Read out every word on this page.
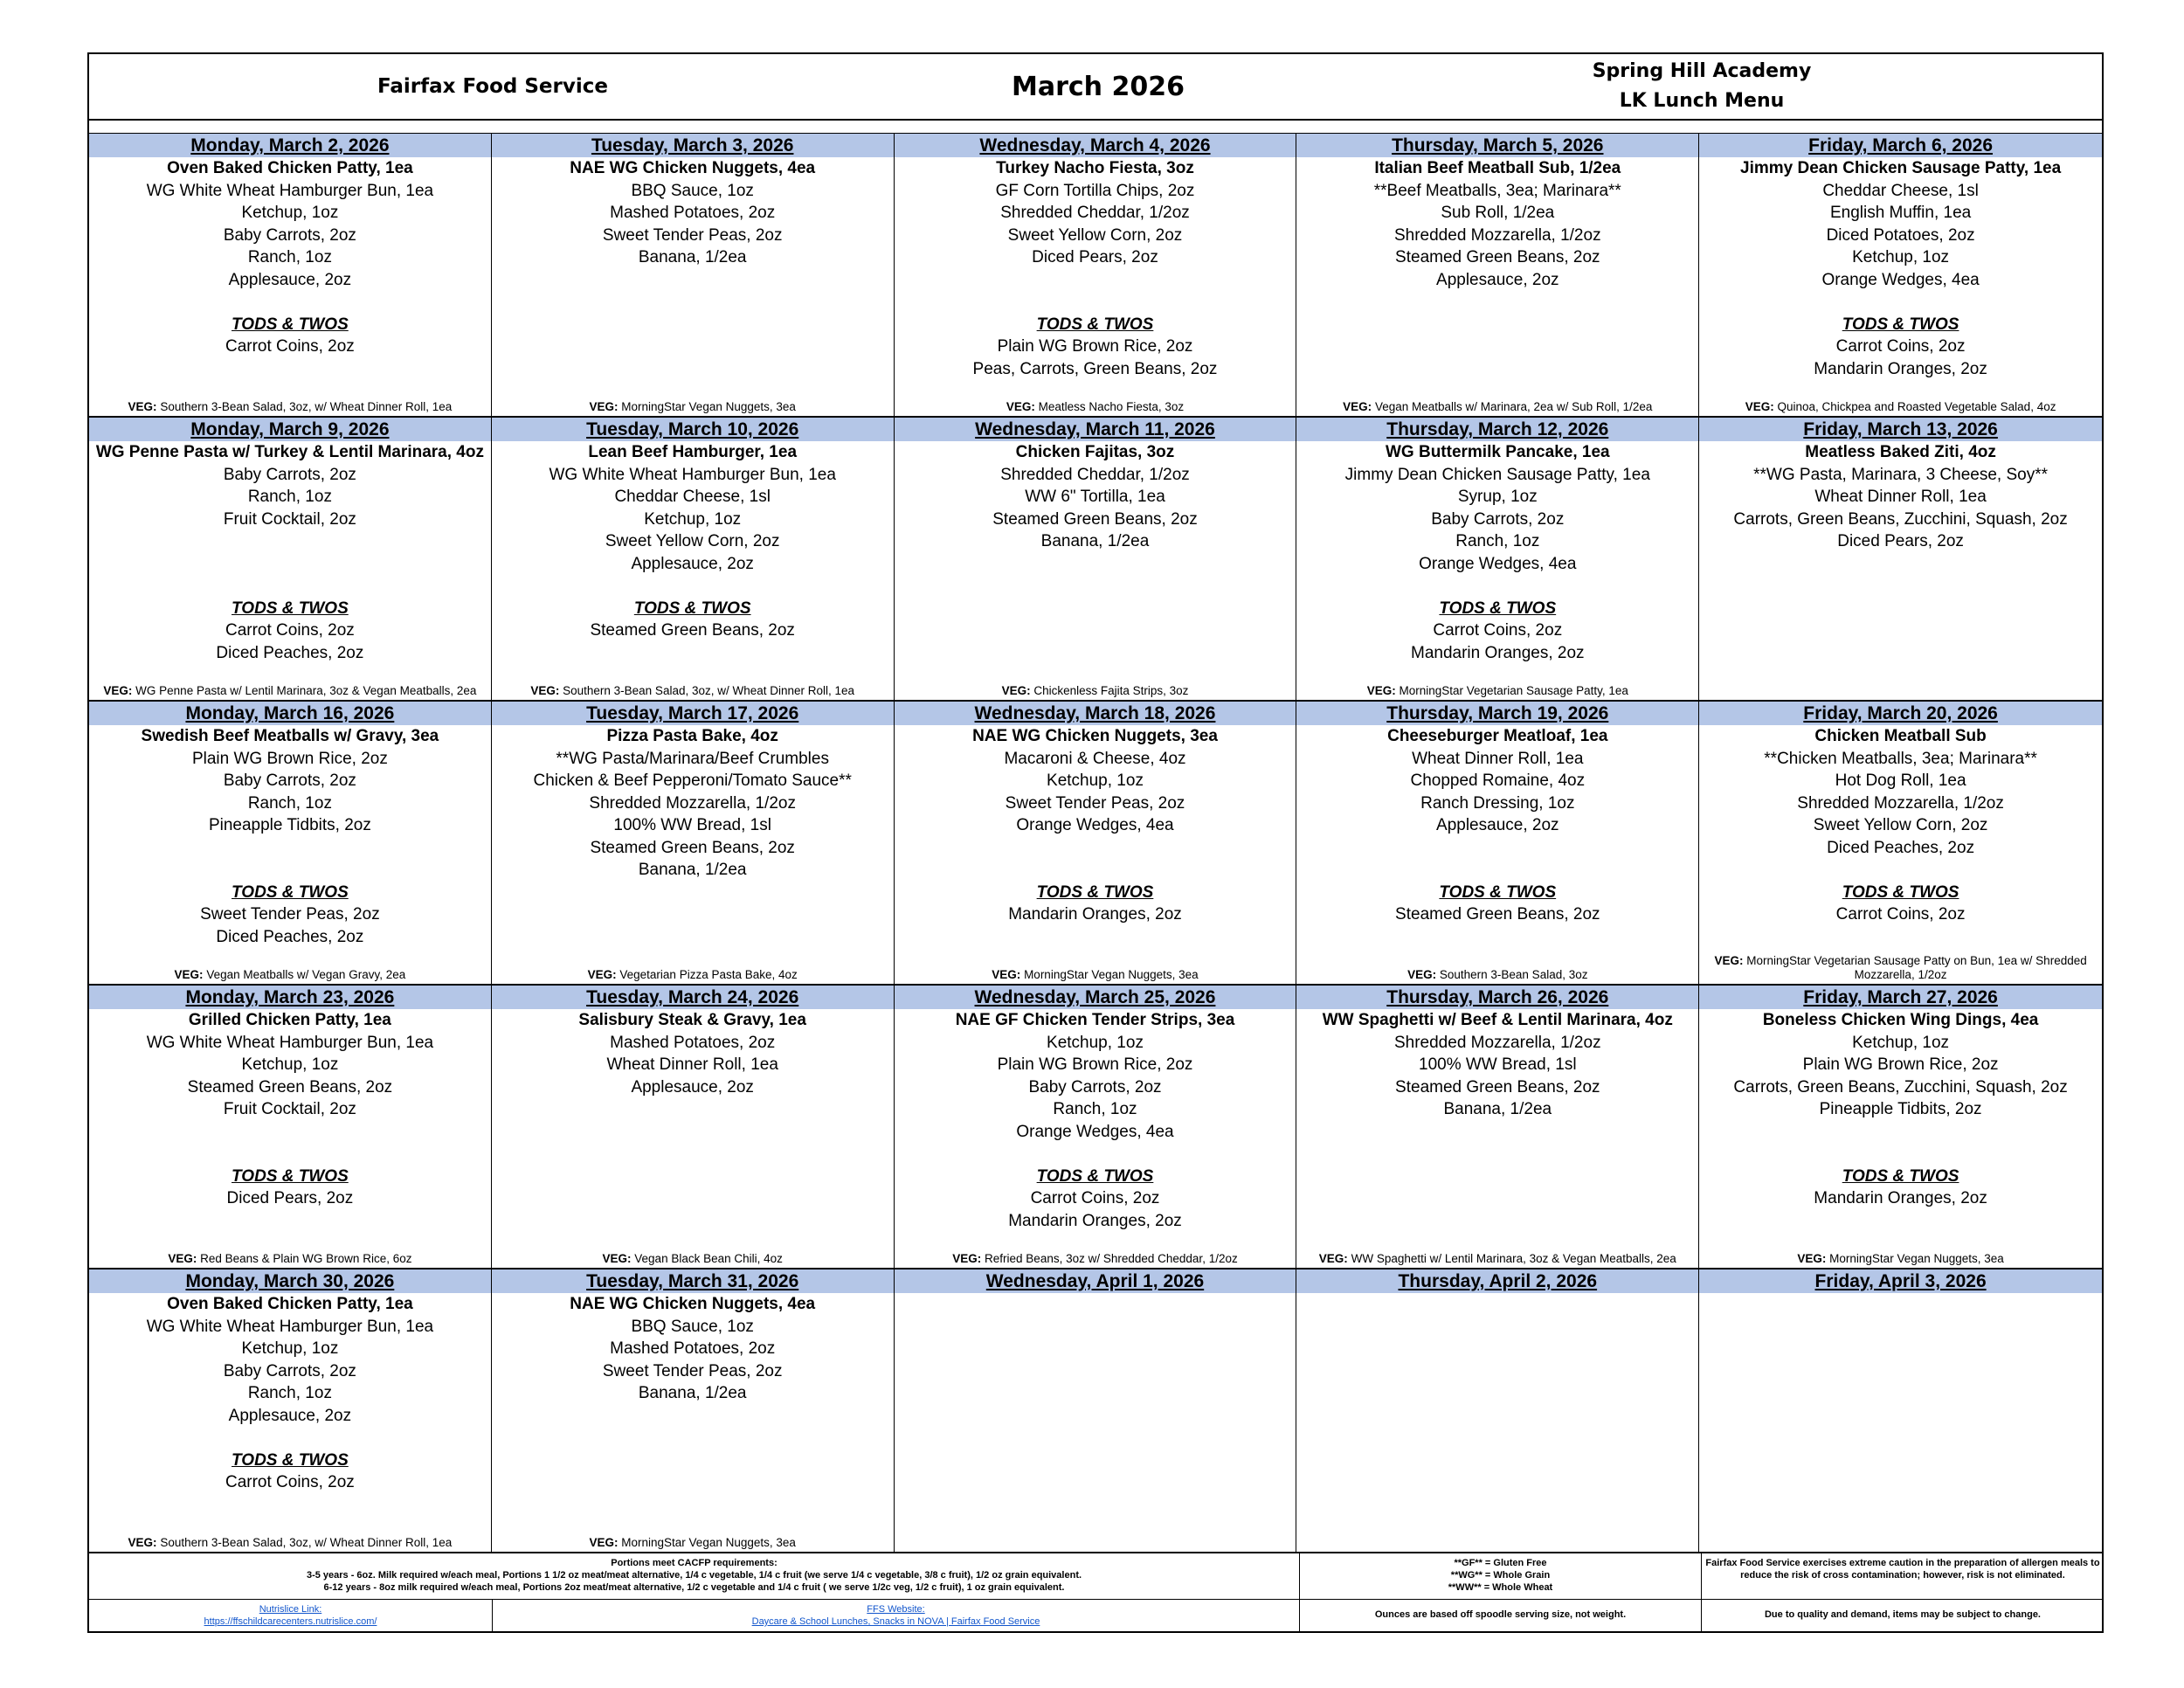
Fairfax Food Service	March 2026	Spring Hill Academy
LK Lunch Menu
Monday, March 2, 2026
Oven Baked Chicken Patty, 1ea
WG White Wheat Hamburger Bun, 1ea
Ketchup, 1oz
Baby Carrots, 2oz
Ranch, 1oz
Applesauce, 2oz
TODS & TWOS
Carrot Coins, 2oz
VEG: Southern 3-Bean Salad, 3oz, w/ Wheat Dinner Roll, 1ea
Tuesday, March 3, 2026
NAE WG Chicken Nuggets, 4ea
BBQ Sauce, 1oz
Mashed Potatoes, 2oz
Sweet Tender Peas, 2oz
Banana, 1/2ea
VEG: MorningStar Vegan Nuggets, 3ea
Wednesday, March 4, 2026
Turkey Nacho Fiesta, 3oz
GF Corn Tortilla Chips, 2oz
Shredded Cheddar, 1/2oz
Sweet Yellow Corn, 2oz
Diced Pears, 2oz
TODS & TWOS
Plain WG Brown Rice, 2oz
Peas, Carrots, Green Beans, 2oz
VEG: Meatless Nacho Fiesta, 3oz
Thursday, March 5, 2026
Italian Beef Meatball Sub, 1/2ea
**Beef Meatballs, 3ea; Marinara**
Sub Roll, 1/2ea
Shredded Mozzarella, 1/2oz
Steamed Green Beans, 2oz
Applesauce, 2oz
VEG: Vegan Meatballs w/ Marinara, 2ea w/ Sub Roll, 1/2ea
Friday, March 6, 2026
Jimmy Dean Chicken Sausage Patty, 1ea
Cheddar Cheese, 1sl
English Muffin, 1ea
Diced Potatoes, 2oz
Ketchup, 1oz
Orange Wedges, 4ea
TODS & TWOS
Carrot Coins, 2oz
Mandarin Oranges, 2oz
VEG: Quinoa, Chickpea and Roasted Vegetable Salad, 4oz
Monday, March 9, 2026
WG Penne Pasta w/ Turkey & Lentil Marinara, 4oz
Baby Carrots, 2oz
Ranch, 1oz
Fruit Cocktail, 2oz
TODS & TWOS
Carrot Coins, 2oz
Diced Peaches, 2oz
VEG: WG Penne Pasta w/ Lentil Marinara, 3oz & Vegan Meatballs, 2ea
Tuesday, March 10, 2026
Lean Beef Hamburger, 1ea
WG White Wheat Hamburger Bun, 1ea
Cheddar Cheese, 1sl
Ketchup, 1oz
Sweet Yellow Corn, 2oz
Applesauce, 2oz
TODS & TWOS
Steamed Green Beans, 2oz
VEG: Southern 3-Bean Salad, 3oz, w/ Wheat Dinner Roll, 1ea
Wednesday, March 11, 2026
Chicken Fajitas, 3oz
Shredded Cheddar, 1/2oz
WW 6" Tortilla, 1ea
Steamed Green Beans, 2oz
Banana, 1/2ea
VEG: Chickenless Fajita Strips, 3oz
Thursday, March 12, 2026
WG Buttermilk Pancake, 1ea
Jimmy Dean Chicken Sausage Patty, 1ea
Syrup, 1oz
Baby Carrots, 2oz
Ranch, 1oz
Orange Wedges, 4ea
TODS & TWOS
Carrot Coins, 2oz
Mandarin Oranges, 2oz
VEG: MorningStar Vegetarian Sausage Patty, 1ea
Friday, March 13, 2026
Meatless Baked Ziti, 4oz
**WG Pasta, Marinara, 3 Cheese, Soy**
Wheat Dinner Roll, 1ea
Carrots, Green Beans, Zucchini, Squash, 2oz
Diced Pears, 2oz
Monday, March 16, 2026
Swedish Beef Meatballs w/ Gravy, 3ea
Plain WG Brown Rice, 2oz
Baby Carrots, 2oz
Ranch, 1oz
Pineapple Tidbits, 2oz
TODS & TWOS
Sweet Tender Peas, 2oz
Diced Peaches, 2oz
VEG: Vegan Meatballs w/ Vegan Gravy, 2ea
Tuesday, March 17, 2026
Pizza Pasta Bake, 4oz
**WG Pasta/Marinara/Beef Crumbles
Chicken & Beef Pepperoni/Tomato Sauce**
Shredded Mozzarella, 1/2oz
100% WW Bread, 1sl
Steamed Green Beans, 2oz
Banana, 1/2ea
VEG: Vegetarian Pizza Pasta Bake, 4oz
Wednesday, March 18, 2026
NAE WG Chicken Nuggets, 3ea
Macaroni & Cheese, 4oz
Ketchup, 1oz
Sweet Tender Peas, 2oz
Orange Wedges, 4ea
TODS & TWOS
Mandarin Oranges, 2oz
VEG: MorningStar Vegan Nuggets, 3ea
Thursday, March 19, 2026
Cheeseburger Meatloaf, 1ea
Wheat Dinner Roll, 1ea
Chopped Romaine, 4oz
Ranch Dressing, 1oz
Applesauce, 2oz
TODS & TWOS
Steamed Green Beans, 2oz
VEG: Southern 3-Bean Salad, 3oz
Friday, March 20, 2026
Chicken Meatball Sub
**Chicken Meatballs, 3ea; Marinara**
Hot Dog Roll, 1ea
Shredded Mozzarella, 1/2oz
Sweet Yellow Corn, 2oz
Diced Peaches, 2oz
TODS & TWOS
Carrot Coins, 2oz
VEG: MorningStar Vegetarian Sausage Patty on Bun, 1ea w/ Shredded Mozzarella, 1/2oz
Monday, March 23, 2026
Grilled Chicken Patty, 1ea
WG White Wheat Hamburger Bun, 1ea
Ketchup, 1oz
Steamed Green Beans, 2oz
Fruit Cocktail, 2oz
TODS & TWOS
Diced Pears, 2oz
VEG: Red Beans & Plain WG Brown Rice, 6oz
Tuesday, March 24, 2026
Salisbury Steak & Gravy, 1ea
Mashed Potatoes, 2oz
Wheat Dinner Roll, 1ea
Applesauce, 2oz
VEG: Vegan Black Bean Chili, 4oz
Wednesday, March 25, 2026
NAE GF Chicken Tender Strips, 3ea
Ketchup, 1oz
Plain WG Brown Rice, 2oz
Baby Carrots, 2oz
Ranch, 1oz
Orange Wedges, 4ea
TODS & TWOS
Carrot Coins, 2oz
Mandarin Oranges, 2oz
VEG: Refried Beans, 3oz w/ Shredded Cheddar, 1/2oz
Thursday, March 26, 2026
WW Spaghetti w/ Beef & Lentil Marinara, 4oz
Shredded Mozzarella, 1/2oz
100% WW Bread, 1sl
Steamed Green Beans, 2oz
Banana, 1/2ea
VEG: WW Spaghetti w/ Lentil Marinara, 3oz & Vegan Meatballs, 2ea
Friday, March 27, 2026
Boneless Chicken Wing Dings, 4ea
Ketchup, 1oz
Plain WG Brown Rice, 2oz
Carrots, Green Beans, Zucchini, Squash, 2oz
Pineapple Tidbits, 2oz
TODS & TWOS
Mandarin Oranges, 2oz
VEG: MorningStar Vegan Nuggets, 3ea
Monday, March 30, 2026
Oven Baked Chicken Patty, 1ea
WG White Wheat Hamburger Bun, 1ea
Ketchup, 1oz
Baby Carrots, 2oz
Ranch, 1oz
Applesauce, 2oz
TODS & TWOS
Carrot Coins, 2oz
VEG: Southern 3-Bean Salad, 3oz, w/ Wheat Dinner Roll, 1ea
Tuesday, March 31, 2026
NAE WG Chicken Nuggets, 4ea
BBQ Sauce, 1oz
Mashed Potatoes, 2oz
Sweet Tender Peas, 2oz
Banana, 1/2ea
VEG: MorningStar Vegan Nuggets, 3ea
Wednesday, April 1, 2026	Thursday, April 2, 2026	Friday, April 3, 2026
Portions meet CACFP requirements:
3-5 years - 6oz. Milk required w/each meal, Portions 1 1/2 oz meat/meat alternative, 1/4 c vegetable, 1/4 c fruit (we serve 1/4 c vegetable, 3/8 c fruit), 1/2 oz grain equivalent.
6-12 years - 8oz milk required w/each meal, Portions 2oz meat/meat alternative, 1/2 c vegetable and 1/4 c fruit ( we serve 1/2c veg, 1/2 c fruit), 1 oz grain equivalent.
**GF** = Gluten Free
**WG** = Whole Grain
**WW** = Whole Wheat
Fairfax Food Service exercises extreme caution in the preparation of allergen meals to reduce the risk of cross contamination; however, risk is not eliminated.
Nutrislice Link:
https://ffschildcarecenters.nutrislice.com/
FFS Website:
Daycare & School Lunches, Snacks in NOVA | Fairfax Food Service
Ounces are based off spoodle serving size, not weight.	Due to quality and demand, items may be subject to change.
